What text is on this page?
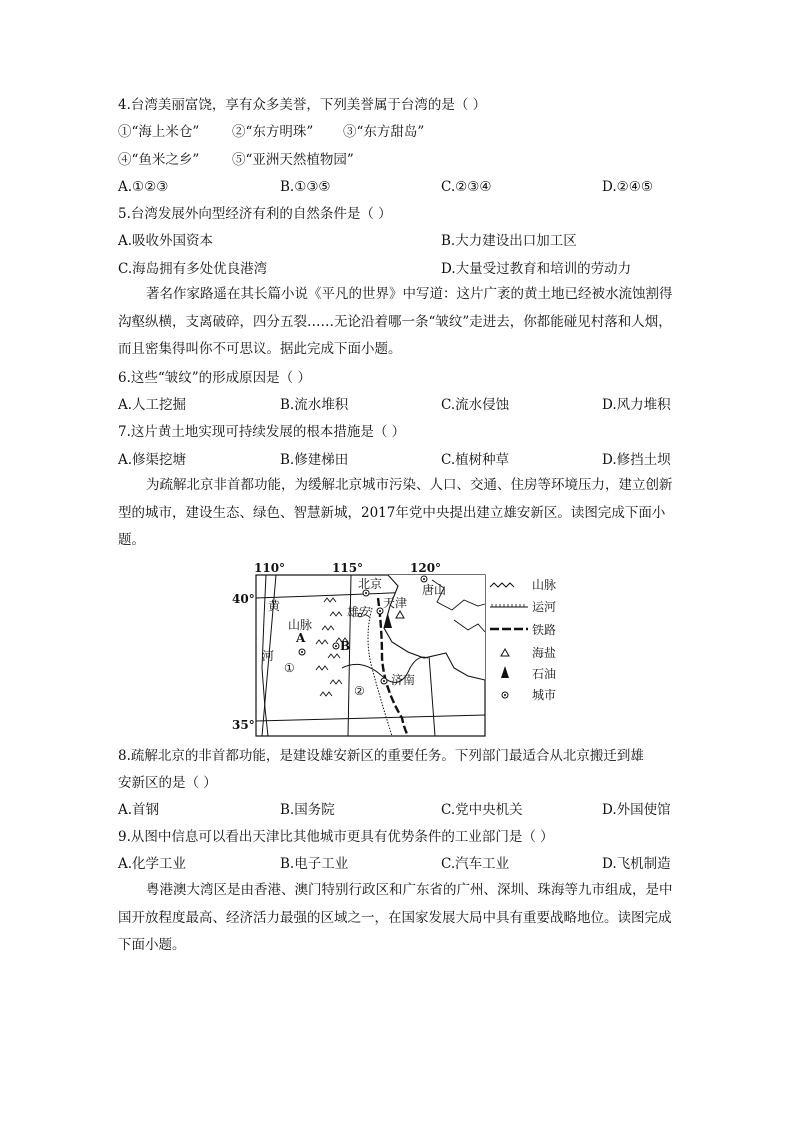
4.台湾美丽富饶，享有众多美誉，下列美誉属于台湾的是（ ）
①“海上米仓” ②“东方明珠” ③“东方甜岛”
④“鱼米之乡” ⑤“亚洲天然植物园”
A.①②③	B.①③⑤	C.②③④	D.②④⑤
5.台湾发展外向型经济有利的自然条件是（ ）
A.吸收外国资本	B.大力建设出口加工区
C.海岛拥有多处优良港湾	D.大量受过教育和培训的劳动力
著名作家路遥在其长篇小说《平凡的世界》中写道：这片广袤的黄土地已经被水流蚀割得沟壑纵横，支离破碎，四分五裂……无论沿着哪一条“皱纹”走进去，你都能碰见村落和人烟，而且密集得叫你不可思议。据此完成下面小题。
6.这些“皱纹”的形成原因是（ ）
A.人工挖掘	B.流水堆积	C.流水侵蚀	D.风力堆积
7.这片黄土地实现可持续发展的根本措施是（ ）
A.修渠挖塘	B.修建梯田	C.植树种草	D.修挡土坝
为疏解北京非首都功能，为缓解北京城市污染、人口、交通、住房等环境压力，建立创新型的城市，建设生态、绿色、智慧新城，2017年党中央提出建立雄安新区。读图完成下面小题。
110°	115°	120°
40°
35°
北京	唐山
雄安
天津
济南
山脉
黄
河
A
B
①
②
山脉
运河
铁路
海盐
石油
城市
8.疏解北京的非首都功能，是建设雄安新区的重要任务。下列部门最适合从北京搬迁到雄
安新区的是（ ）
A.首钢	B.国务院	C.党中央机关	D.外国使馆
9.从图中信息可以看出天津比其他城市更具有优势条件的工业部门是（ ）
A.化学工业	B.电子工业	C.汽车工业	D.飞机制造
粤港澳大湾区是由香港、澳门特别行政区和广东省的广州、深圳、珠海等九市组成，是中国开放程度最高、经济活力最强的区域之一，在国家发展大局中具有重要战略地位。读图完成下面小题。
